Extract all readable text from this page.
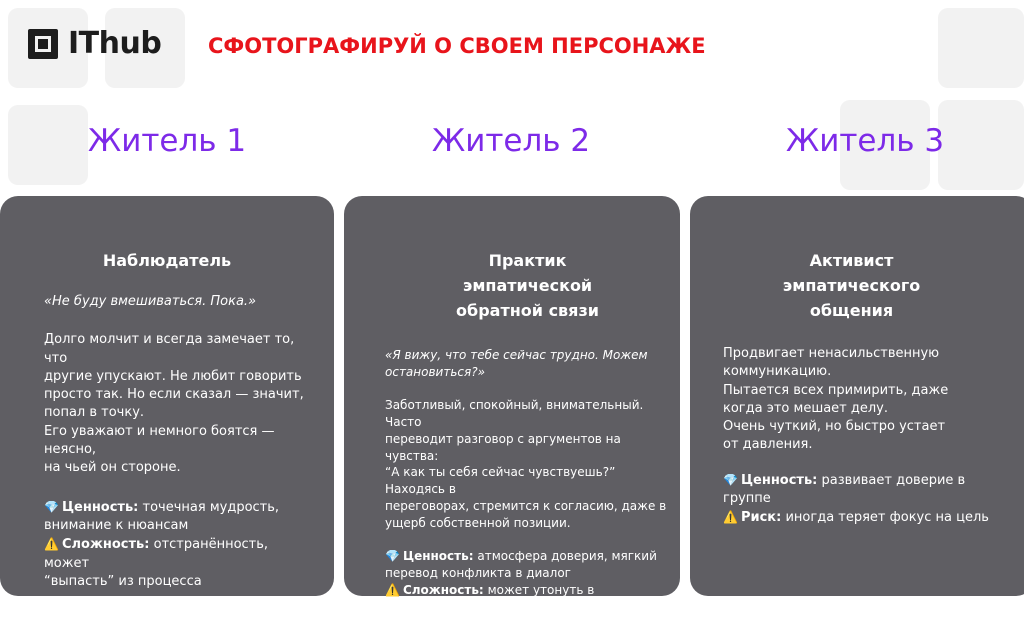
IThub СФОТОГРАФИРУЙ О СВОЕМ ПЕРСОНАЖЕ
Житель 1	Житель 2	Житель 3
Наблюдатель

«Не буду вмешиваться. Пока.»

Долго молчит и всегда замечает то, что
другие упускают. Не любит говорить
просто так. Но если сказал — значит,
попал в точку.
Его уважают и немного боятся — неясно,
на чьей он стороне.

💎 Ценность: точечная мудрость,
внимание к нюансам

⚠️ Сложность: отстранённость, может
“выпасть” из процесса

Практик эмпатической обратной связи

«Я вижу, что тебе сейчас трудно. Можем
остановиться?»

Заботливый, спокойный, внимательный. Часто
переводит разговор с аргументов на чувства:
“А как ты себя сейчас чувствуешь?” Находясь в
переговорах, стремится к согласию, даже в
ущерб собственной позиции.

💎 Ценность: атмосфера доверия, мягкий
перевод конфликта в диалог

⚠️ Сложность: может утонуть в рефлексии,
теряя фокус

Активист эмпатического общения

Продвигает ненасильственную
коммуникацию.
Пытается всех примирить, даже
когда это мешает делу.
Очень чуткий, но быстро устает
от давления.

💎 Ценность: развивает доверие в группе

⚠️ Риск: иногда теряет фокус на цель
